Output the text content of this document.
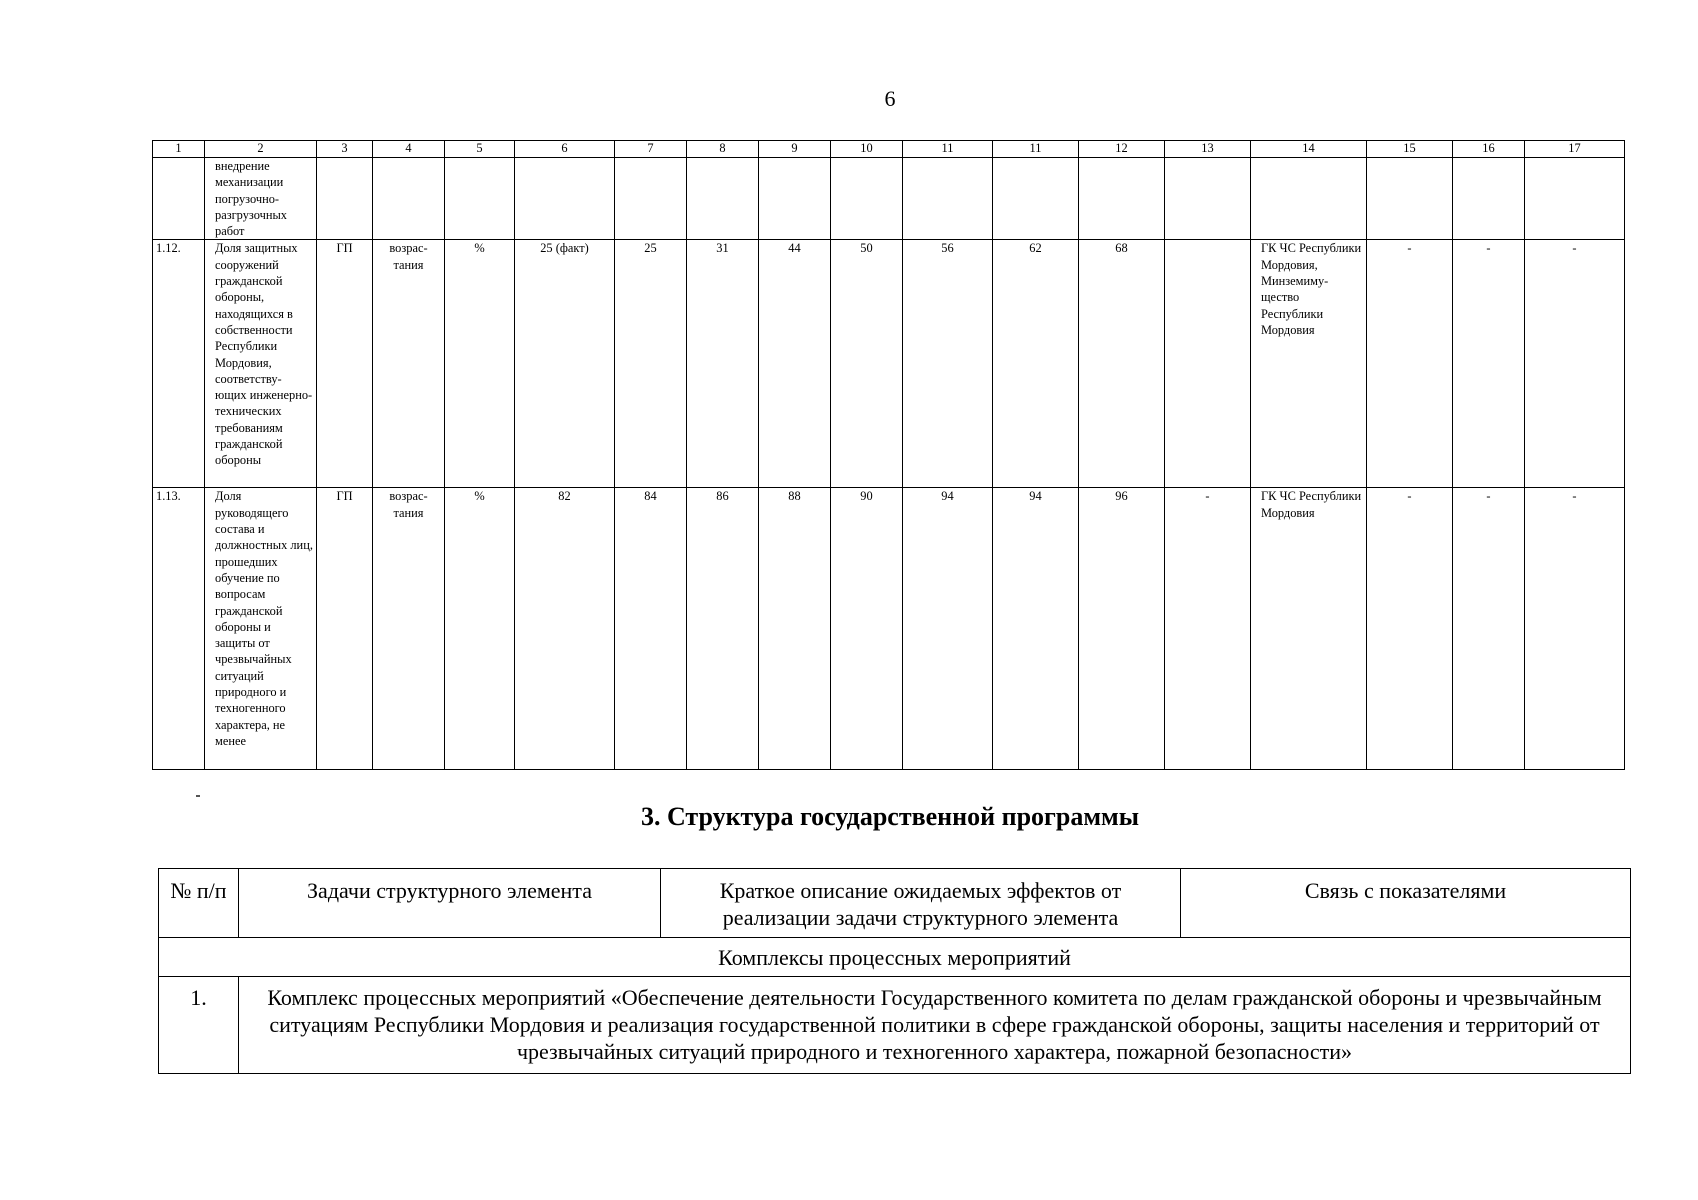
6
1	2	3	4	5	6	7	8	9	10	11	11	12	13	14	15	16	17
	внедрение механизации погрузочно-разгрузочных работ																
1.12.	Доля защитных сооружений гражданской обороны, находящихся в собственности Республики Мордовия, соответству-ющих инженерно-технических требованиям гражданской обороны	ГП	возрас-тания	%	25 (факт)	25	31	44	50	56	62	68		ГК ЧС Республики Мордовия, Минземиму-щество Республики Мордовия	-	-	-
1.13.	Доля руководящего состава и должностных лиц, прошедших обучение по вопросам гражданской обороны и защиты от чрезвычайных ситуаций природного и техногенного характера, не менее	ГП	возрас-тания	%	82	84	86	88	90	94	94	96	-	ГК ЧС Республики Мордовия	-	-	-
3. Структура государственной программы
№ п/п	Задачи структурного элемента	Краткое описание ожидаемых эффектов от реализации задачи структурного элемента	Связь с показателями
Комплексы процессных мероприятий			
1.	Комплекс процессных мероприятий «Обеспечение деятельности Государственного комитета по делам гражданской обороны и чрезвычайным ситуациям Республики Мордовия и реализация государственной политики в сфере гражданской обороны, защиты населения и территорий от чрезвычайных ситуаций природного и техногенного характера, пожарной безопасности»		
